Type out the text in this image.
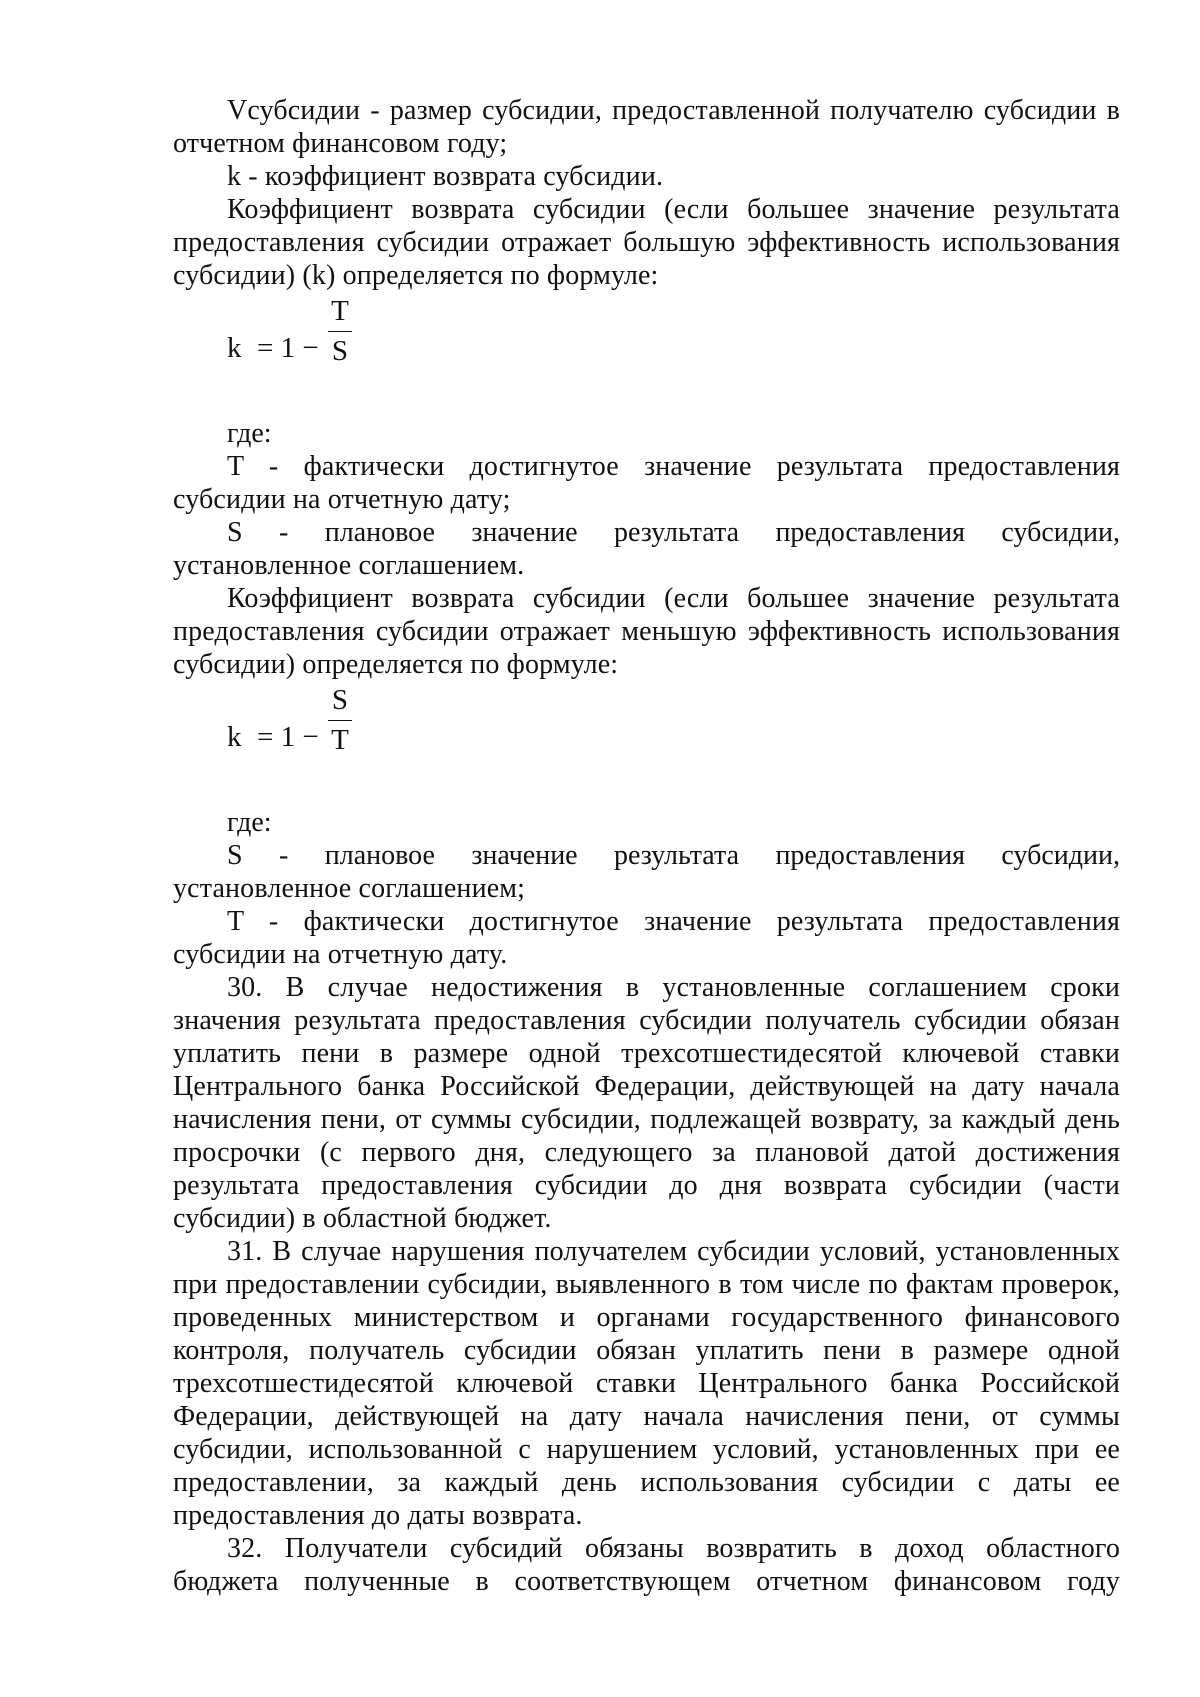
Vсубсидии - размер субсидии, предоставленной получателю субсидии в отчетном финансовом году;

k - коэффициент возврата субсидии.

Коэффициент возврата субсидии (если большее значение результата предоставления субсидии отражает большую эффективность использования субсидии) (k) определяется по формуле:

k = 1 −
T
S

где:

T - фактически достигнутое значение результата предоставления субсидии на отчетную дату;

S - плановое значение результата предоставления субсидии,

установленное соглашением.

Коэффициент возврата субсидии (если большее значение результата предоставления субсидии отражает меньшую эффективность использования субсидии) определяется по формуле:

k = 1 −
S
T

где:

S - плановое значение результата предоставления субсидии,

установленное соглашением;

T - фактически достигнутое значение результата предоставления субсидии на отчетную дату.

30. В случае недостижения в установленные соглашением сроки значения результата предоставления субсидии получатель субсидии обязан уплатить пени в размере одной трехсотшестидесятой ключевой ставки Центрального банка Российской Федерации, действующей на дату начала начисления пени, от суммы субсидии, подлежащей возврату, за каждый день просрочки (с первого дня, следующего за плановой датой достижения результата предоставления субсидии до дня возврата субсидии (части субсидии) в областной бюджет.

31. В случае нарушения получателем субсидии условий, установленных при предоставлении субсидии, выявленного в том числе по фактам проверок, проведенных министерством и органами государственного финансового контроля, получатель субсидии обязан уплатить пени в размере одной трехсотшестидесятой ключевой ставки Центрального банка Российской Федерации, действующей на дату начала начисления пени, от суммы субсидии, использованной с нарушением условий, установленных при ее предоставлении, за каждый день использования субсидии с даты ее предоставления до даты возврата.

32. Получатели субсидий обязаны возвратить в доход областного бюджета полученные в соответствующем отчетном финансовом году
